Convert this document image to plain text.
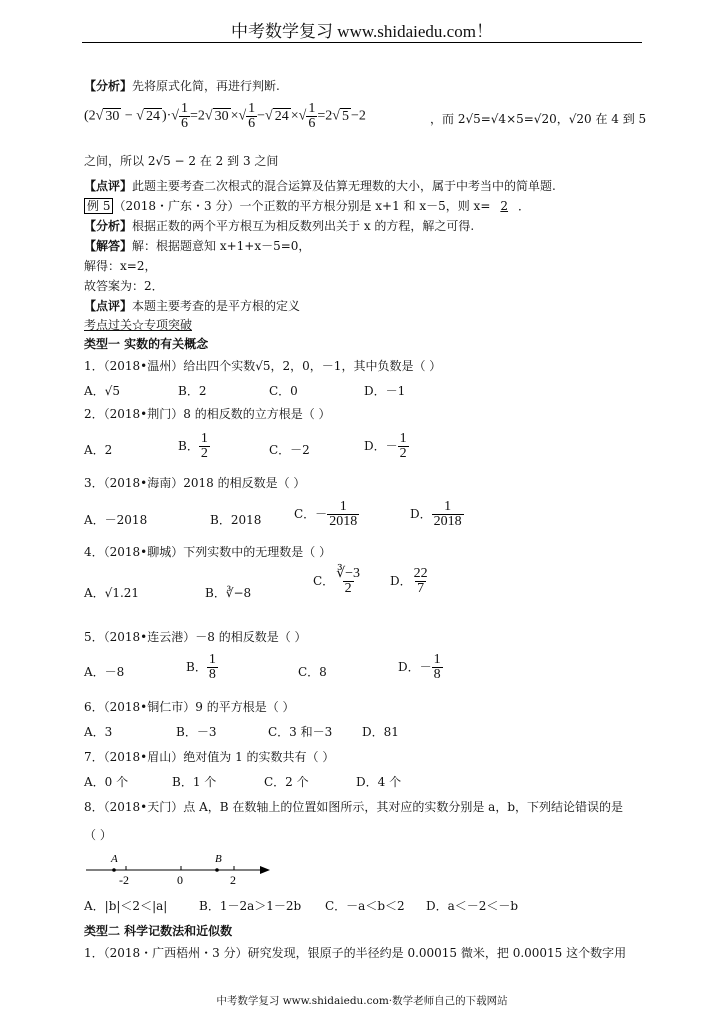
中考数学复习 www.shidaiedu.com！
【分析】先将原式化简，再进行判断.
(2√ 30 − √ 24 )·√ $\frac{1}{6} =2√$ 30 ×√ $\frac{1}{6}$ −√ 24 ×√ $\frac{1}{6} =2√$ 5 −2	，而 2√5=√4×5=√20，√20 在 4 到 5
之间，所以 2√5 − 2 在 2 到 3 之间
【点评】此题主要考查二次根式的混合运算及估算无理数的大小，属于中考当中的简单题.
例 5 （2018・广东・3 分）一个正数的平方根分别是 x+1 和 x－5，则 x= 2 ．
【分析】根据正数的两个平方根互为相反数列出关于 x 的方程，解之可得.
【解答】解：根据题意知 x+1+x－5=0，
解得：x=2，
故答案为：2．
【点评】本题主要考查的是平方根的定义
考点过关☆专项突破
类型一 实数的有关概念
1．（2018•温州）给出四个实数√5，2，0，－1，其中负数是（ ）
A．√5	B．2	C．0	D．－1
2．（2018•荆门）8 的相反数的立方根是（ ）
A．2	B． $\frac{1}{2}$	C．－2	D．－ $\frac{1}{2}$
3．（2018•海南）2018 的相反数是（ ）
A．－2018	B．2018	C．－ $\frac{1}{2018}$	D． $\frac{1}{2018}$
4．（2018•聊城）下列实数中的无理数是（ ）
A．√1.21	B．∛−8
C． $\frac{∛-3}{2}$ D． $\frac{22}{7}$
5．（2018•连云港）－8 的相反数是（ ）
A．－8	B． $\frac{1}{8}$	C．8	D．－ $\frac{1}{8}$
6．（2018•铜仁市）9 的平方根是（ ）
A．3	B．－3	C．3 和－3 D．81
7．（2018•眉山）绝对值为 1 的实数共有（ ）
A．0 个	B．1 个	C．2 个	D．4 个
8．（2018•天门）点 A，B 在数轴上的位置如图所示，其对应的实数分别是 a，b，下列结论错误的是
（ ）
A	B
-2	0	2
A．|b|＜2＜|a|	B．1－2a＞1－2b C．－a＜b＜2 D．a＜－2＜－b
类型二 科学记数法和近似数
1．（2018・广西梧州・3 分）研究发现，银原子的半径约是 0.00015 微米，把 0.00015 这个数字用
中考数学复习 www.shidaiedu.com·数学老师自己的下载网站
